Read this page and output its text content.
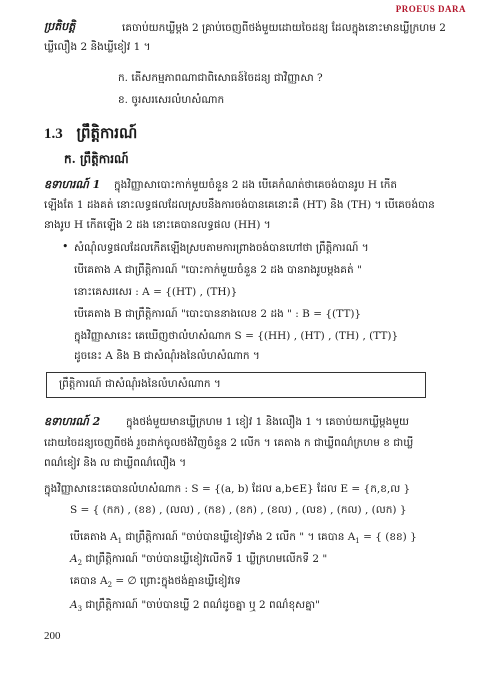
PROEUS DARA
ប្រតិបត្តិ	គេចាប់យកឃ្លីម្តង 2 គ្រាប់ចេញពីថង់មួយដោយចៃដន្យ ដែលក្នុងនោះមានឃ្លីក្រហម 2
ឃ្លីលឿង 2 និងឃ្លីខៀវ 1 ។
ក. តើសកម្មភាពណាជាពិសោធន៍ចៃដន្យ ជាវិញ្ញាសា ?
ខ. ចូរសរសេរលំហសំណាក
1.3 ព្រឹត្តិការណ៍
ក. ព្រឹត្តិការណ៍
ឧទាហរណ៍ 1 ក្នុងវិញ្ញាសាបោះកាក់មួយចំនួន 2 ដង បើគេកំណត់ថាគេចង់បានរូប H កើត
ឡើងតែ 1 ដងគត់ នោះលទ្ធផលដែលស្របនឹងការចង់បានគេនោះគឺ (HT) និង (TH) ។ បើគេចង់បាន
នាងរូប H កើតឡើង 2 ដង នោះគេបានលទ្ធផល (HH) ។
• សំណុំលទ្ធផលដែលកើតឡើងស្របតាមការព្រាងចង់បានហៅថា ព្រឹត្តិការណ៍ ។
បើគេតាង A ជាព្រឹត្តិការណ៍ "បោះកាក់មួយចំនួន 2 ដង បានរាងរូបម្ដងគត់ "
នោះគេសរសេរ : A = {(HT) , (TH)}
បើគេតាង B ជាព្រឹត្តិការណ៍ "បោះបាននាងលេខ 2 ដង " : B = {(TT)}
ក្នុងវិញ្ញាសានេះ គេឃើញថាលំហសំណាក S = {(HH) , (HT) , (TH) , (TT)}
ដូចនេះ A និង B ជាសំណុំរងនៃលំហសំណាក ។
ព្រឹត្តិការណ៍ ជាសំណុំរងនៃលំហសំណាក ។
ឧទាហរណ៍ 2 ក្នុងថង់មួយមានឃ្លីក្រហម 1 ខៀវ 1 និងលឿង 1 ។ គេចាប់យកឃ្លីម្តងមួយ
ដោយចៃដន្យចេញពីថង់ រួចដាក់ចូលថង់វិញចំនួន 2 លើក ។ គេតាង ក ជាឃ្លីពណ៌ក្រហម ខ ជាឃ្លី
ពណ៌ខៀវ និង ល ជាឃ្លីពណ៌លឿង ។
ក្នុងវិញ្ញាសានេះគេបានលំហសំណាក : S = {(a, b) ដែល a,b∈E} ដែល E = {ក,ខ,ល }
S = { (កក) , (ខខ) , (លល) , (កខ) , (ខក) , (ខល) , (លខ) , (កល) , (លក) }
បើគេតាង $A_1$ ជាព្រឹត្តិការណ៍ "ចាប់បានឃ្លីខៀវទាំង 2 លើក " ។ គេបាន $A_1$ = { (ខខ) }
$A_2$ ជាព្រឹត្តិការណ៍ "ចាប់បានឃ្លីខៀវលើកទី 1 ឃ្លីក្រហមលើកទី 2 "
គេបាន $A_2$ = ∅ ព្រោះក្នុងថង់គ្មានឃ្លីខៀវទេ
$A_3$ ជាព្រឹត្តិការណ៍ "ចាប់បានឃ្លី 2 ពណ៌ដូចគ្នា ឬ 2 ពណ៌ខុសគ្នា"
200
